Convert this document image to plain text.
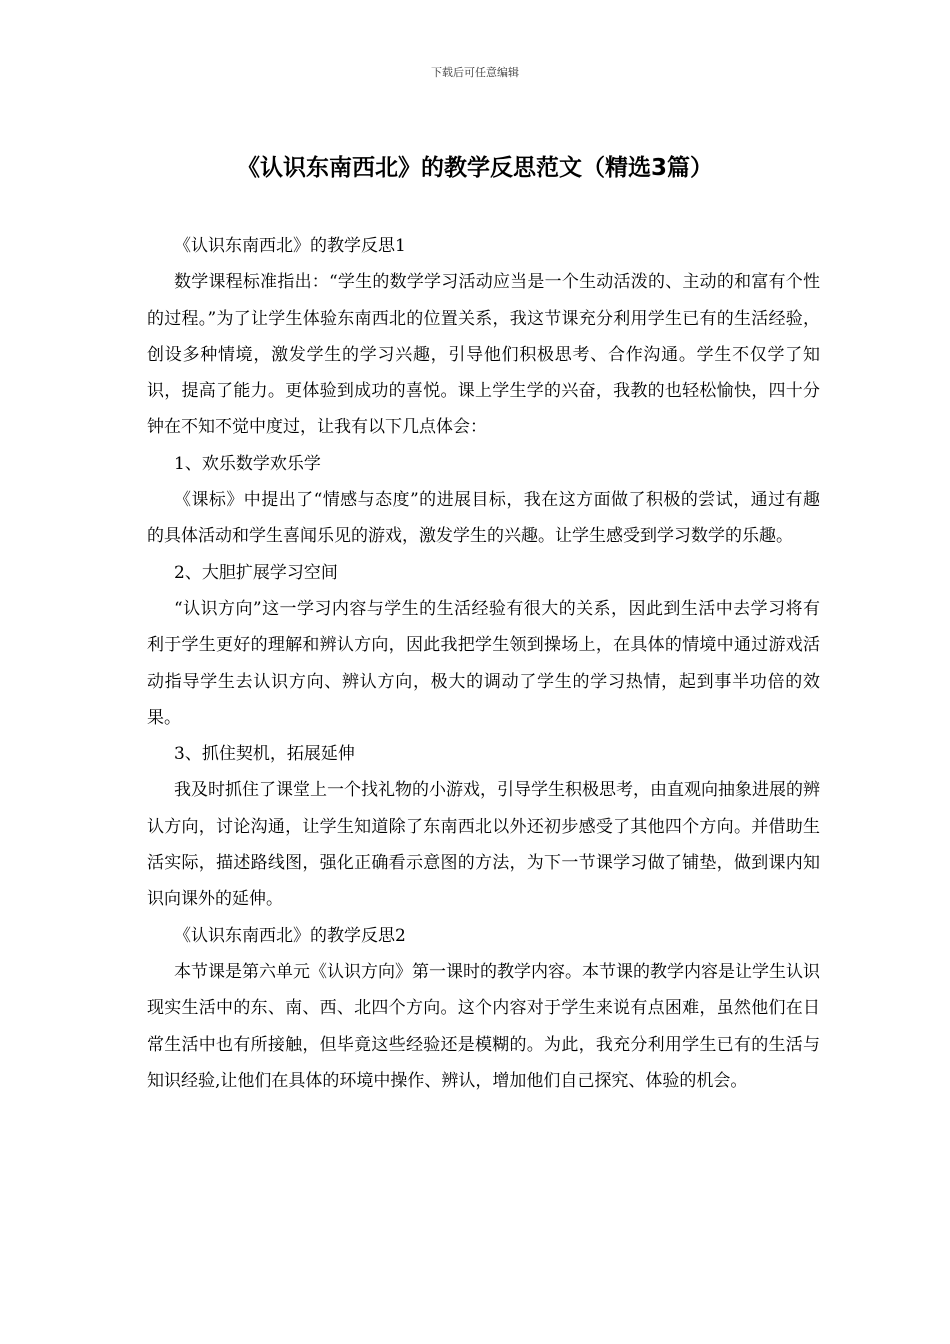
下载后可任意编辑
《认识东南西北》的教学反思范文（精选3篇）

《认识东南西北》的教学反思1

数学课程标准指出：“学生的数学学习活动应当是一个生动活泼的、主动的和富有个性的过程。”为了让学生体验东南西北的位置关系，我这节课充分利用学生已有的生活经验，创设多种情境，激发学生的学习兴趣，引导他们积极思考、合作沟通。学生不仅学了知识，提高了能力。更体验到成功的喜悦。课上学生学的兴奋，我教的也轻松愉快，四十分钟在不知不觉中度过，让我有以下几点体会：

1、欢乐数学欢乐学

《课标》中提出了“情感与态度”的进展目标，我在这方面做了积极的尝试，通过有趣的具体活动和学生喜闻乐见的游戏，激发学生的兴趣。让学生感受到学习数学的乐趣。

2、大胆扩展学习空间

“认识方向”这一学习内容与学生的生活经验有很大的关系，因此到生活中去学习将有利于学生更好的理解和辨认方向，因此我把学生领到操场上，在具体的情境中通过游戏活动指导学生去认识方向、辨认方向，极大的调动了学生的学习热情，起到事半功倍的效果。

3、抓住契机，拓展延伸

我及时抓住了课堂上一个找礼物的小游戏，引导学生积极思考，由直观向抽象进展的辨认方向，讨论沟通，让学生知道除了东南西北以外还初步感受了其他四个方向。并借助生活实际，描述路线图，强化正确看示意图的方法，为下一节课学习做了铺垫，做到课内知识向课外的延伸。

《认识东南西北》的教学反思2

本节课是第六单元《认识方向》第一课时的教学内容。本节课的教学内容是让学生认识现实生活中的东、南、西、北四个方向。这个内容对于学生来说有点困难，虽然他们在日常生活中也有所接触，但毕竟这些经验还是模糊的。为此，我充分利用学生已有的生活与知识经验,让他们在具体的环境中操作、辨认，增加他们自己探究、体验的机会。
